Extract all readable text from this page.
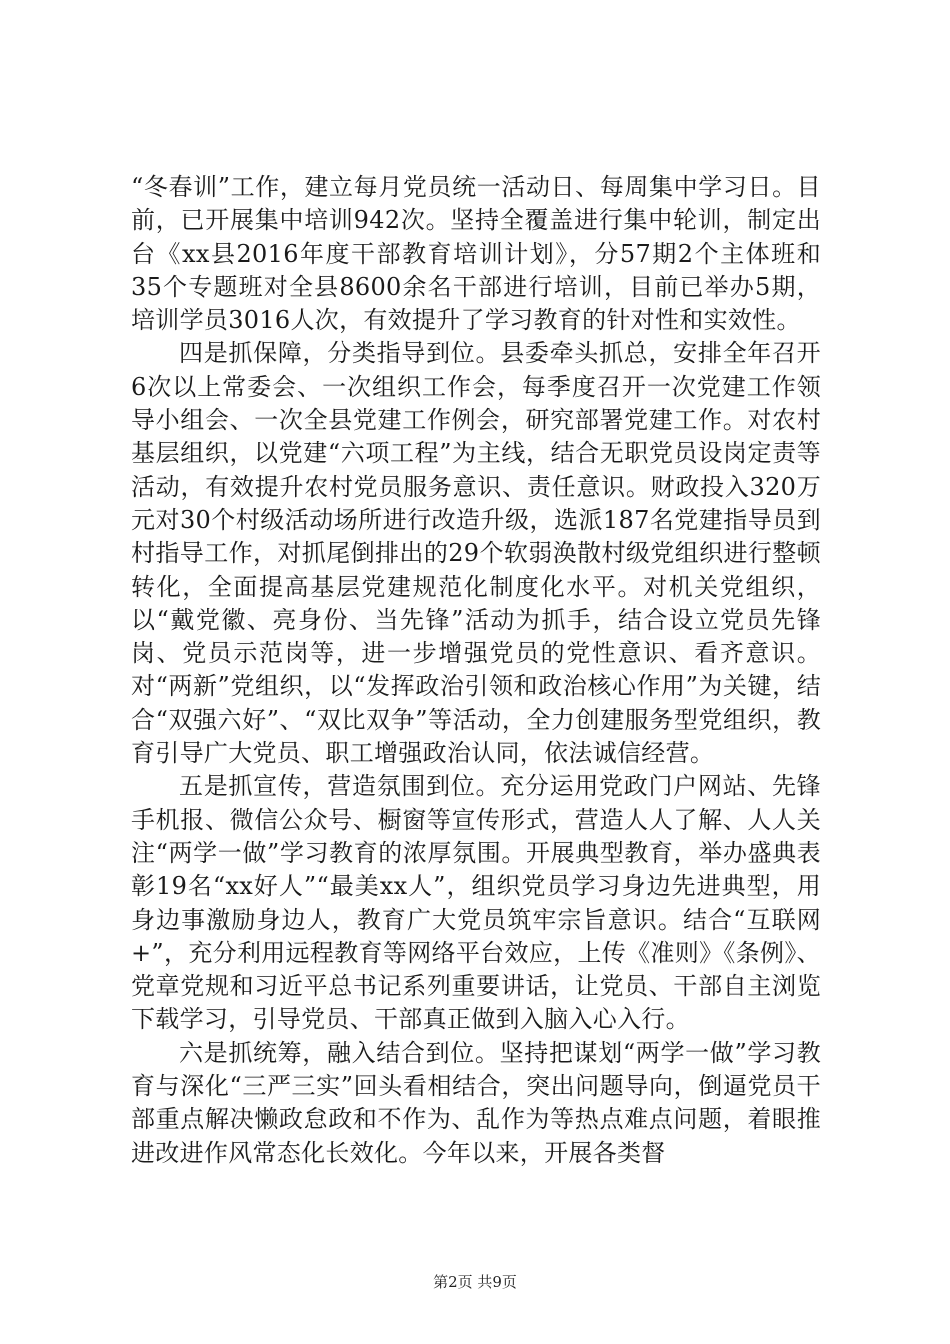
“冬春训”工作，建立每月党员统一活动日、每周集中学习日。目前，已开展集中培训942次。坚持全覆盖进行集中轮训，制定出台《xx县2016年度干部教育培训计划》，分57期2个主体班和35个专题班对全县8600余名干部进行培训，目前已举办5期，培训学员3016人次，有效提升了学习教育的针对性和实效性。

四是抓保障，分类指导到位。县委牵头抓总，安排全年召开6次以上常委会、一次组织工作会，每季度召开一次党建工作领导小组会、一次全县党建工作例会，研究部署党建工作。对农村基层组织，以党建“六项工程”为主线，结合无职党员设岗定责等活动，有效提升农村党员服务意识、责任意识。财政投入320万元对30个村级活动场所进行改造升级，选派187名党建指导员到村指导工作，对抓尾倒排出的29个软弱涣散村级党组织进行整顿转化，全面提高基层党建规范化制度化水平。对机关党组织，以“戴党徽、亮身份、当先锋”活动为抓手，结合设立党员先锋岗、党员示范岗等，进一步增强党员的党性意识、看齐意识。对“两新”党组织，以“发挥政治引领和政治核心作用”为关键，结合“双强六好”、“双比双争”等活动，全力创建服务型党组织，教育引导广大党员、职工增强政治认同，依法诚信经营。

五是抓宣传，营造氛围到位。充分运用党政门户网站、先锋手机报、微信公众号、橱窗等宣传形式，营造人人了解、人人关注“两学一做”学习教育的浓厚氛围。开展典型教育，举办盛典表彰19名“xx好人”“最美xx人”，组织党员学习身边先进典型，用身边事激励身边人，教育广大党员筑牢宗旨意识。结合“互联网+”，充分利用远程教育等网络平台效应，上传《准则》《条例》、党章党规和习近平总书记系列重要讲话，让党员、干部自主浏览下载学习，引导党员、干部真正做到入脑入心入行。

六是抓统筹，融入结合到位。坚持把谋划“两学一做”学习教育与深化“三严三实”回头看相结合，突出问题导向，倒逼党员干部重点解决懒政怠政和不作为、乱作为等热点难点问题，着眼推进改进作风常态化长效化。今年以来，开展各类督

第2页 共9页
